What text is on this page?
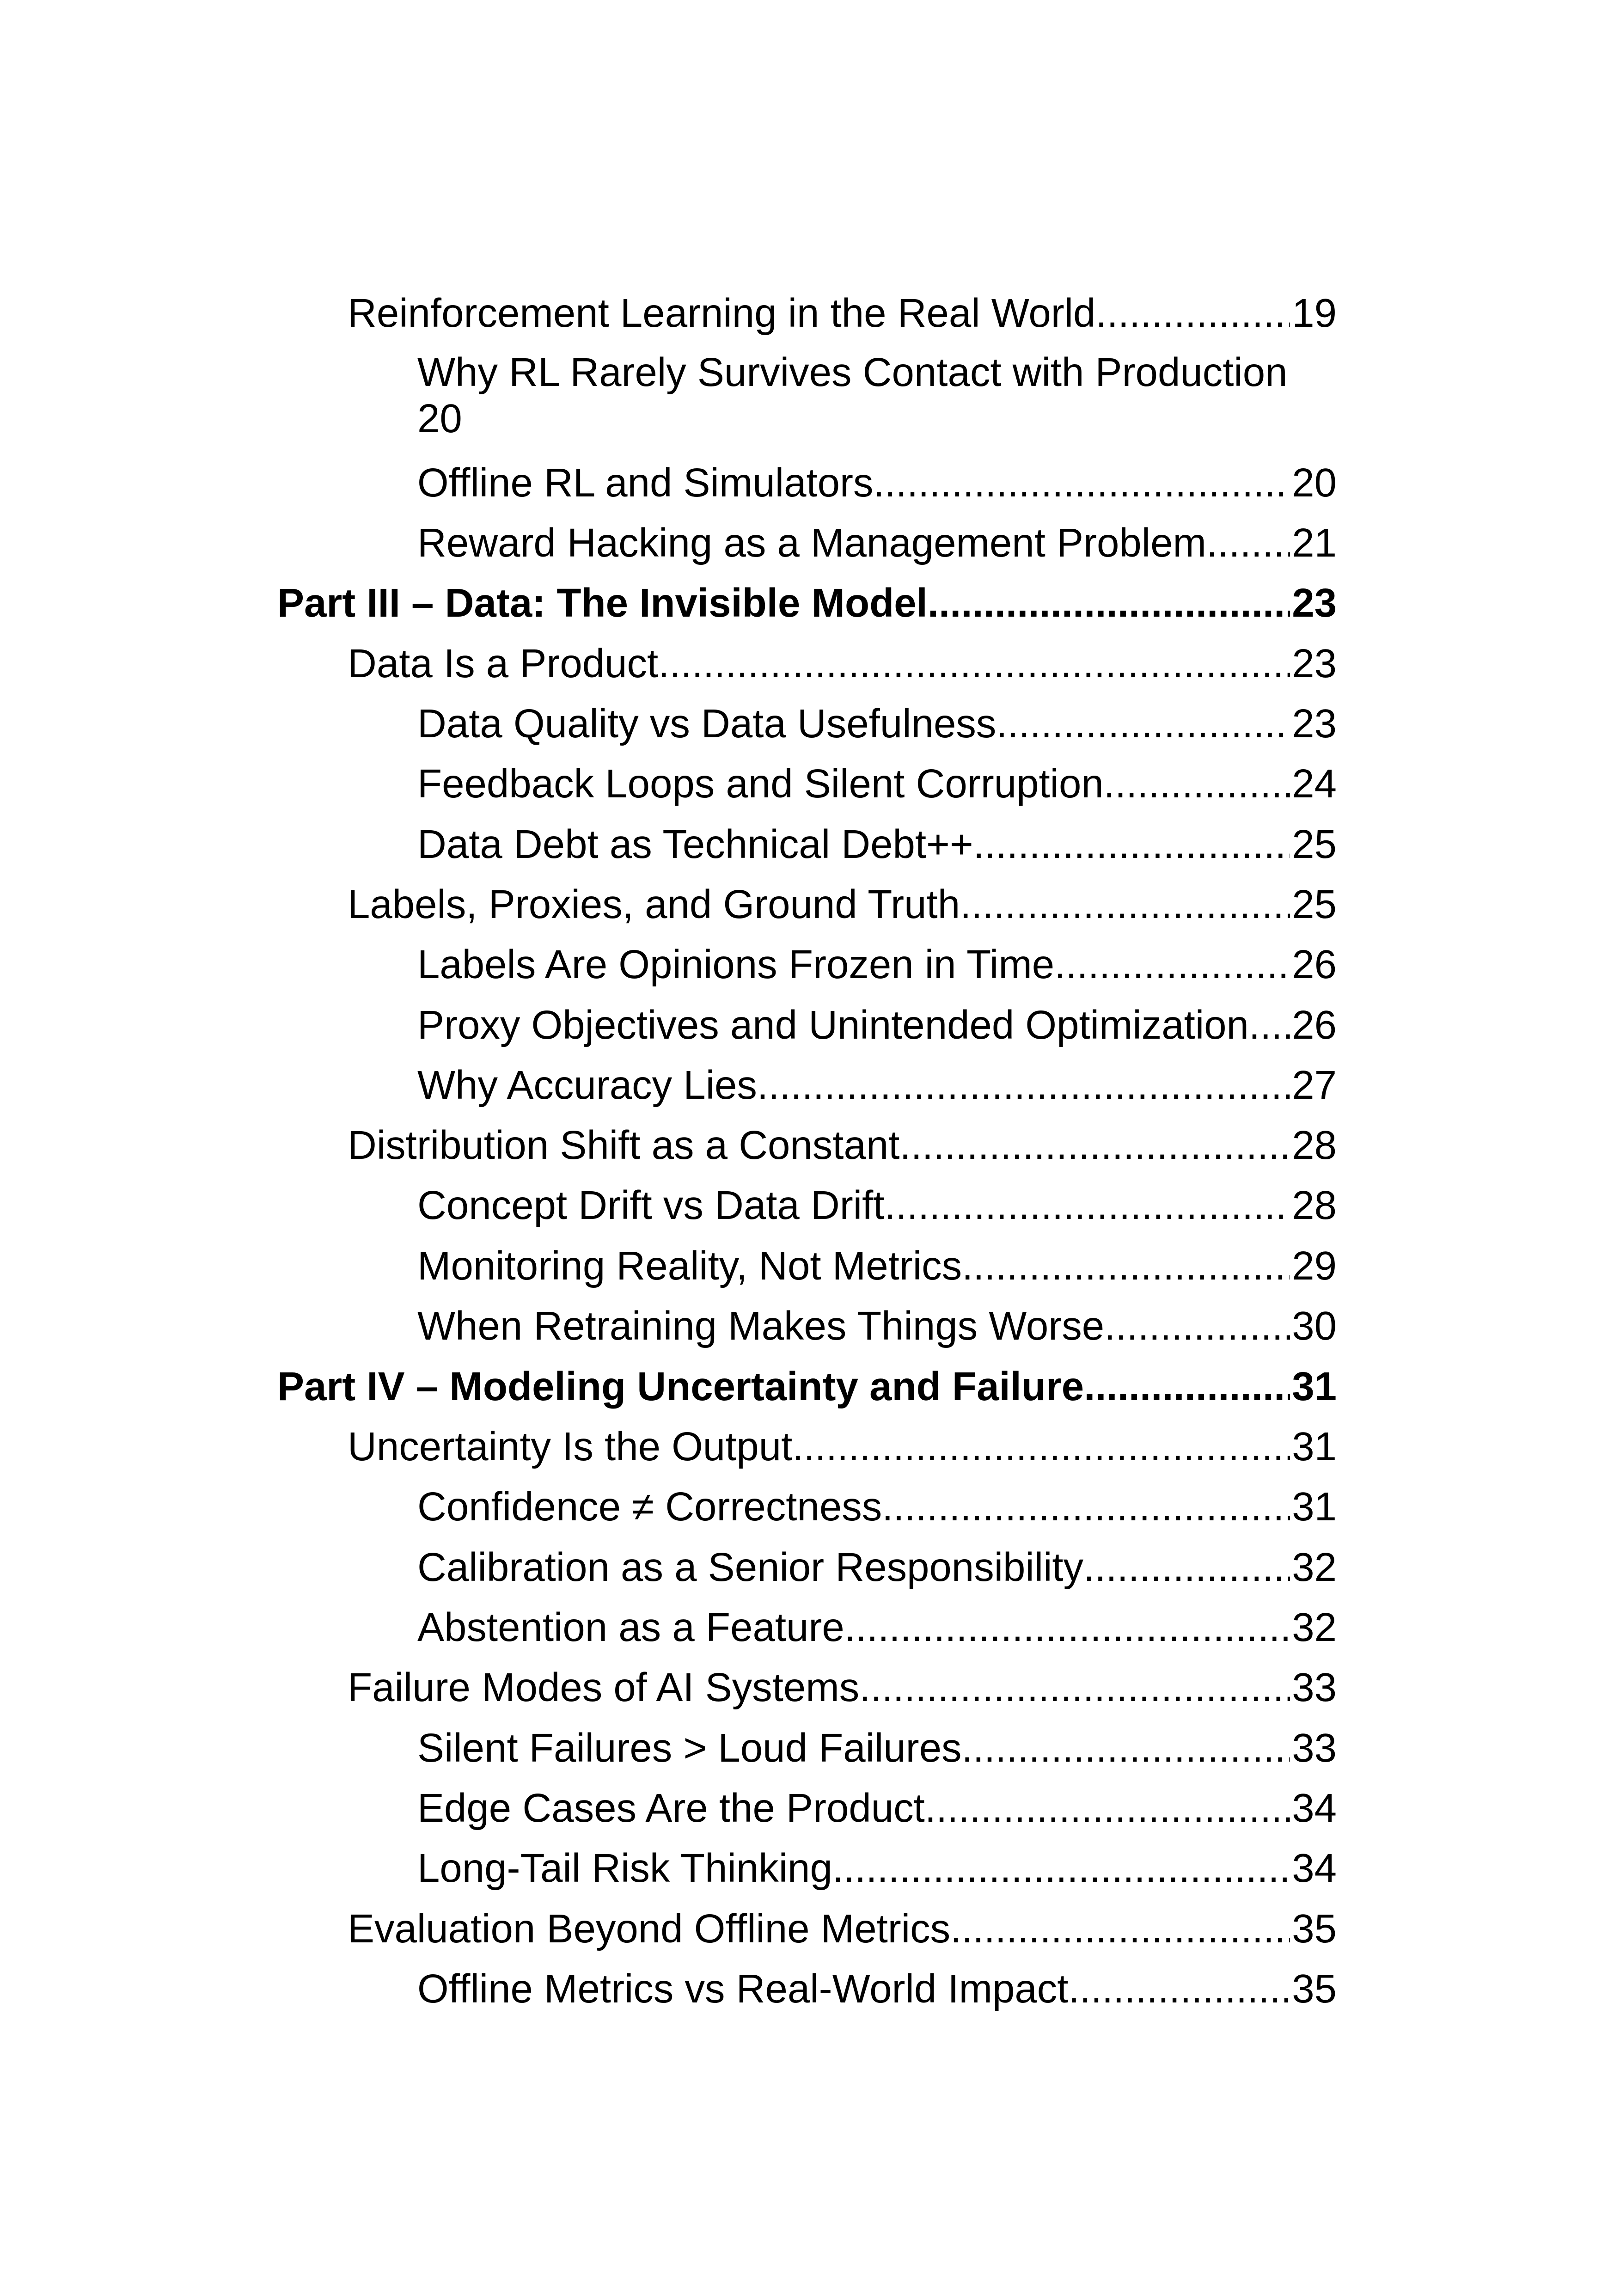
Reinforcement Learning in the Real World .....	19
Why RL Rarely Survives Contact with Production
20
Offline RL and Simulators .....	20
Reward Hacking as a Management Problem ..... 21
Part III – Data: The Invisible Model .....	23
Data Is a Product .....	23
Data Quality vs Data Usefulness .....	23
Feedback Loops and Silent Corruption .....	24
Data Debt as Technical Debt++ .....	25
Labels, Proxies, and Ground Truth .....	25
Labels Are Opinions Frozen in Time .....	26
Proxy Objectives and Unintended Optimization ..... 26
Why Accuracy Lies .....	27
Distribution Shift as a Constant .....	28
Concept Drift vs Data Drift .....	28
Monitoring Reality, Not Metrics .....	29
When Retraining Makes Things Worse .....	30
Part IV – Modeling Uncertainty and Failure .....	31
Uncertainty Is the Output .....	31
Confidence ≠ Correctness .....	31
Calibration as a Senior Responsibility .....	32
Abstention as a Feature .....	32
Failure Modes of AI Systems .....	33
Silent Failures > Loud Failures .....	33
Edge Cases Are the Product .....	34
Long-Tail Risk Thinking .....	34
Evaluation Beyond Offline Metrics .....	35
Offline Metrics vs Real-World Impact .....	35
